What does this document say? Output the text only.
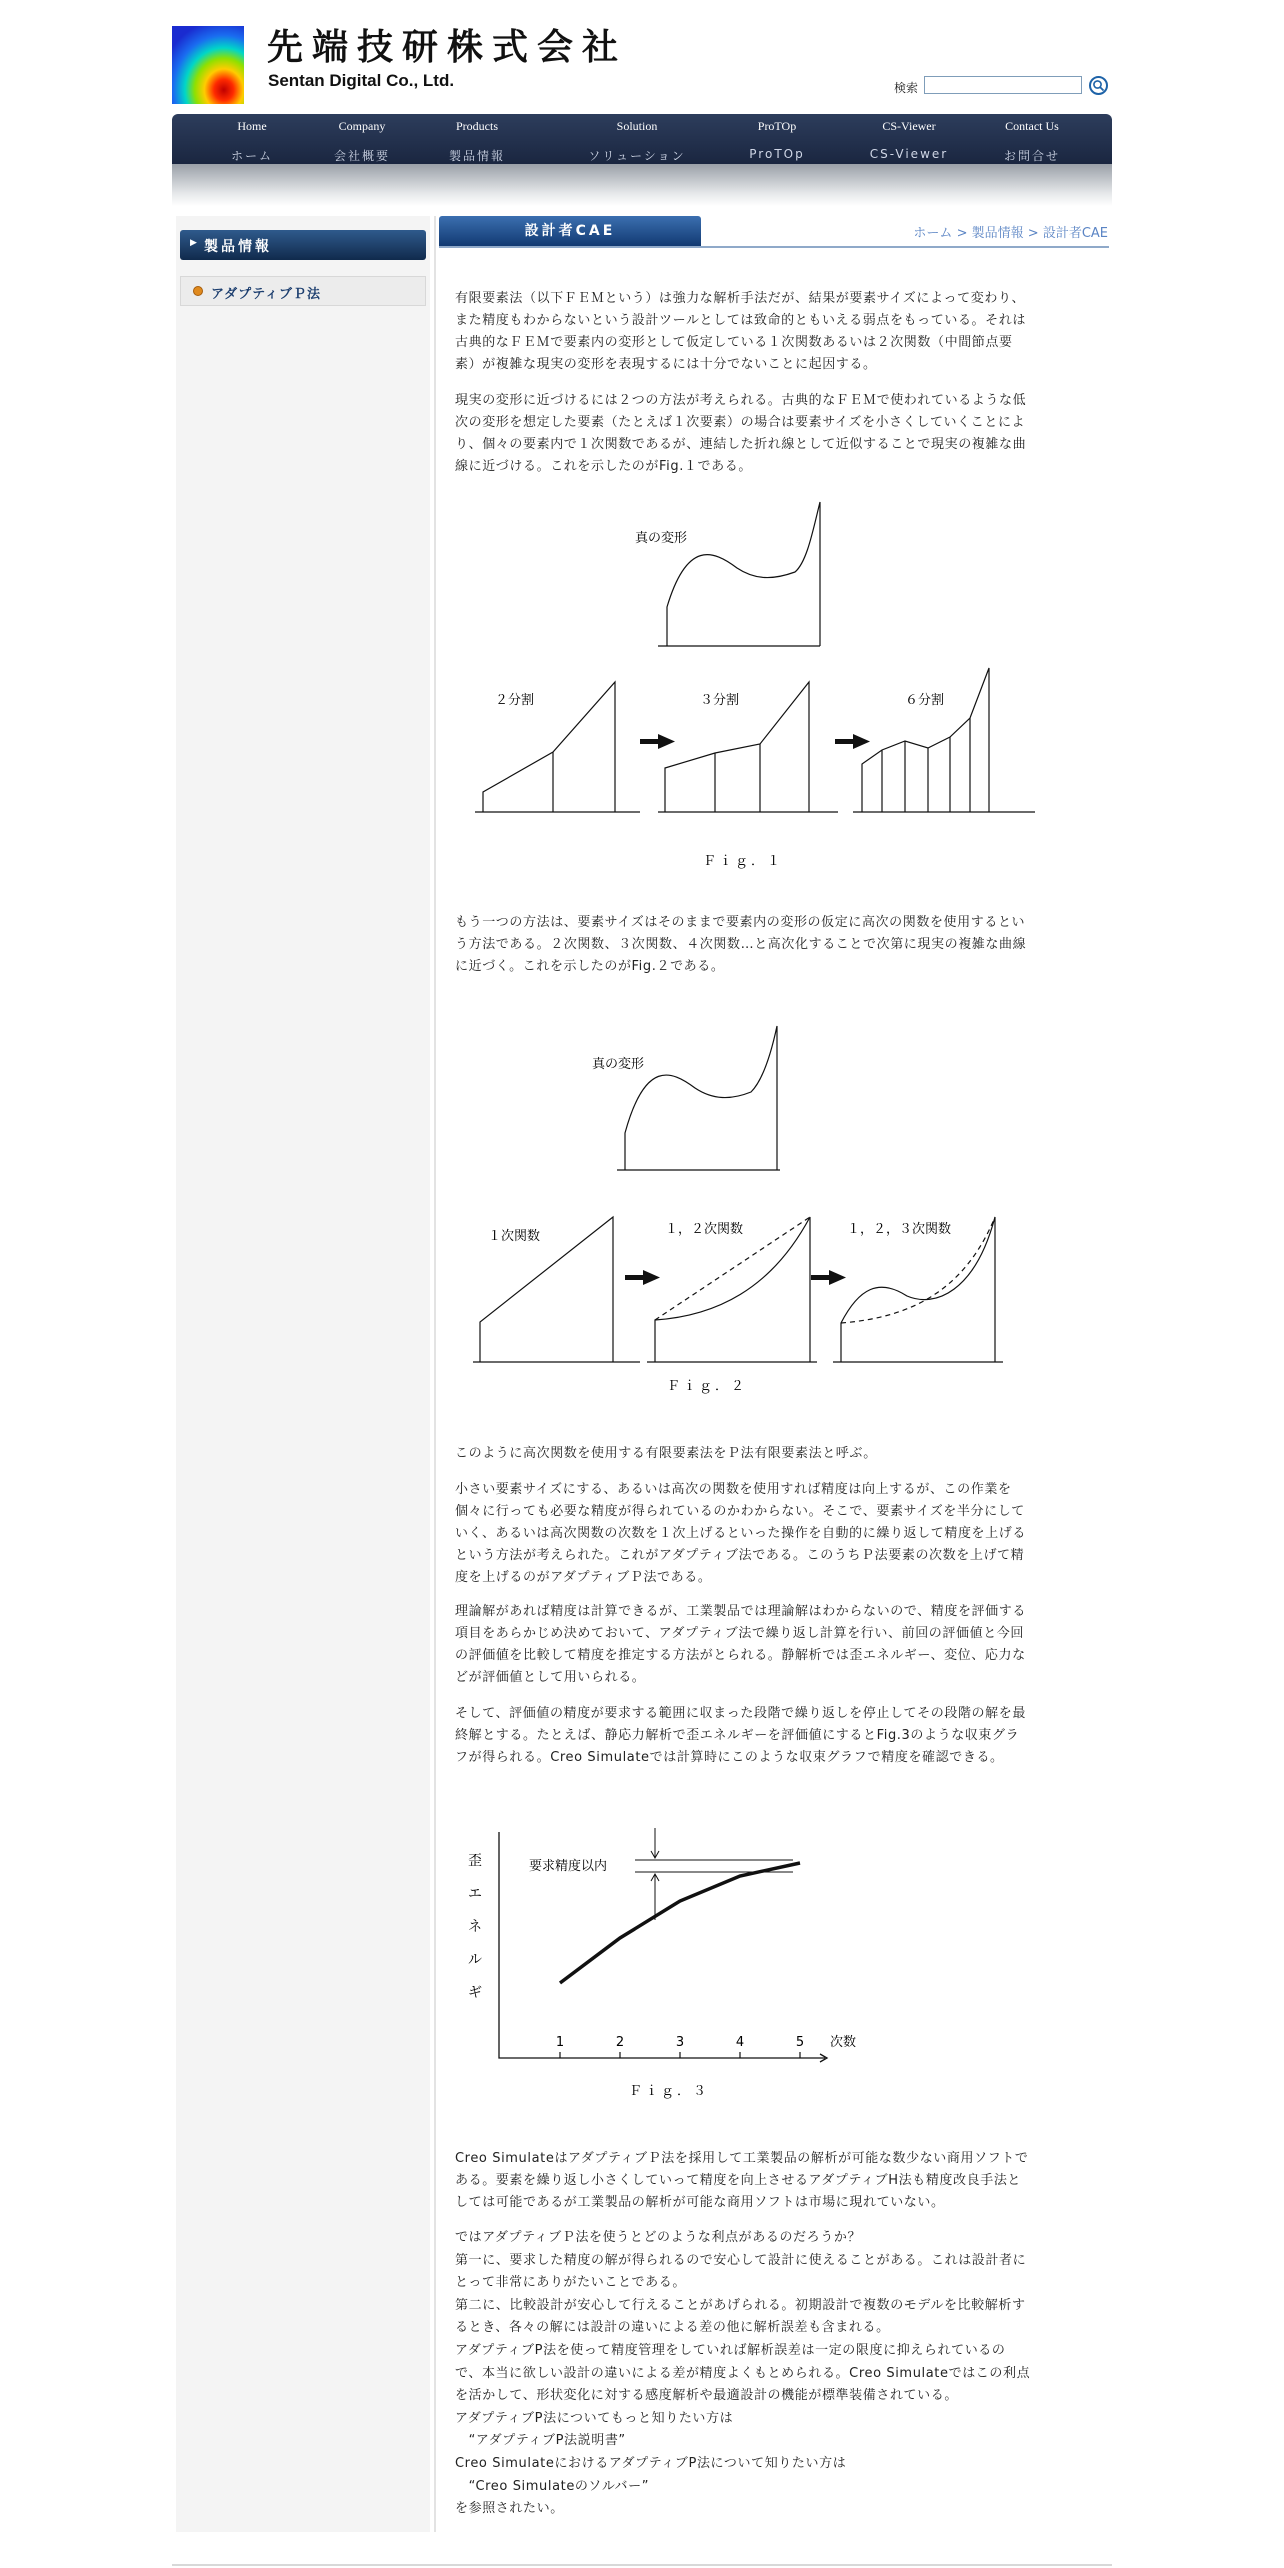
先端技研株式会社
Sentan Digital Co., Ltd.	検索
Home
ホーム
Company
会社概要
Products
製品情報
Solution
ソリューション
ProTOp
ProTOp
CS-Viewer
CS-Viewer
Contact Us
お問合せ
▶ 製品情報
アダプティブＰ法
設計者CAE	ホーム > 製品情報 > 設計者CAE

有限要素法（以下ＦＥＭという）は強力な解析手法だが、結果が要素サイズによって変わり、

また精度もわからないという設計ツールとしては致命的ともいえる弱点をもっている。それは

古典的なＦＥＭで要素内の変形として仮定している１次関数あるいは２次関数（中間節点要

素）が複雑な現実の変形を表現するには十分でないことに起因する。

現実の変形に近づけるには２つの方法が考えられる。古典的なＦＥＭで使われているような低

次の変形を想定した要素（たとえば１次要素）の場合は要素サイズを小さくしていくことによ

り、個々の要素内で１次関数であるが、連結した折れ線として近似することで現実の複雑な曲

線に近づける。これを示したのがFig.１である。

真の変形
２分割	３分割	６分割
Ｆｉｇ．１

もう一つの方法は、要素サイズはそのままで要素内の変形の仮定に高次の関数を使用するとい

う方法である。２次関数、３次関数、４次関数…と高次化することで次第に現実の複雑な曲線

に近づく。これを示したのがFig.２である。

真の変形
１次関数	１，２次関数	１，２，３次関数
Ｆｉｇ．２

このように高次関数を使用する有限要素法をＰ法有限要素法と呼ぶ。

小さい要素サイズにする、あるいは高次の関数を使用すれば精度は向上するが、この作業を

個々に行っても必要な精度が得られているのかわからない。そこで、要素サイズを半分にして

いく、あるいは高次関数の次数を１次上げるといった操作を自動的に繰り返して精度を上げる

という方法が考えられた。これがアダプティブ法である。このうちＰ法要素の次数を上げて精

度を上げるのがアダプティブＰ法である。

理論解があれば精度は計算できるが、工業製品では理論解はわからないので、精度を評価する

項目をあらかじめ決めておいて、アダプティブ法で繰り返し計算を行い、前回の評価値と今回

の評価値を比較して精度を推定する方法がとられる。静解析では歪エネルギー、変位、応力な

どが評価値として用いられる。

そして、評価値の精度が要求する範囲に収まった段階で繰り返しを停止してその段階の解を最

終解とする。たとえば、静応力解析で歪エネルギーを評価値にするとFig.3のような収束グラ

フが得られる。Creo Simulateでは計算時にこのような収束グラフで精度を確認できる。

歪
エ
ネ
ル
ギ
要求精度以内
1	2	3	4	5 次数
Ｆｉｇ．３

Creo SimulateはアダプティブＰ法を採用して工業製品の解析が可能な数少ない商用ソフトで

ある。要素を繰り返し小さくしていって精度を向上させるアダプティブH法も精度改良手法と

しては可能であるが工業製品の解析が可能な商用ソフトは市場に現れていない。

ではアダプティブＰ法を使うとどのような利点があるのだろうか？

第一に、要求した精度の解が得られるので安心して設計に使えることがある。これは設計者に

とって非常にありがたいことである。

第二に、比較設計が安心して行えることがあげられる。初期設計で複数のモデルを比較解析す

るとき、各々の解には設計の違いによる差の他に解析誤差も含まれる。

アダプティブP法を使って精度管理をしていれば解析誤差は一定の限度に抑えられているの

で、本当に欲しい設計の違いによる差が精度よくもとめられる。Creo Simulateではこの利点

を活かして、形状変化に対する感度解析や最適設計の機能が標準装備されている。

アダプティブP法についてもっと知りたい方は

　“アダプティブP法説明書”

Creo SimulateにおけるアダプティブP法について知りたい方は

　“Creo Simulateのソルバー”

を参照されたい。
